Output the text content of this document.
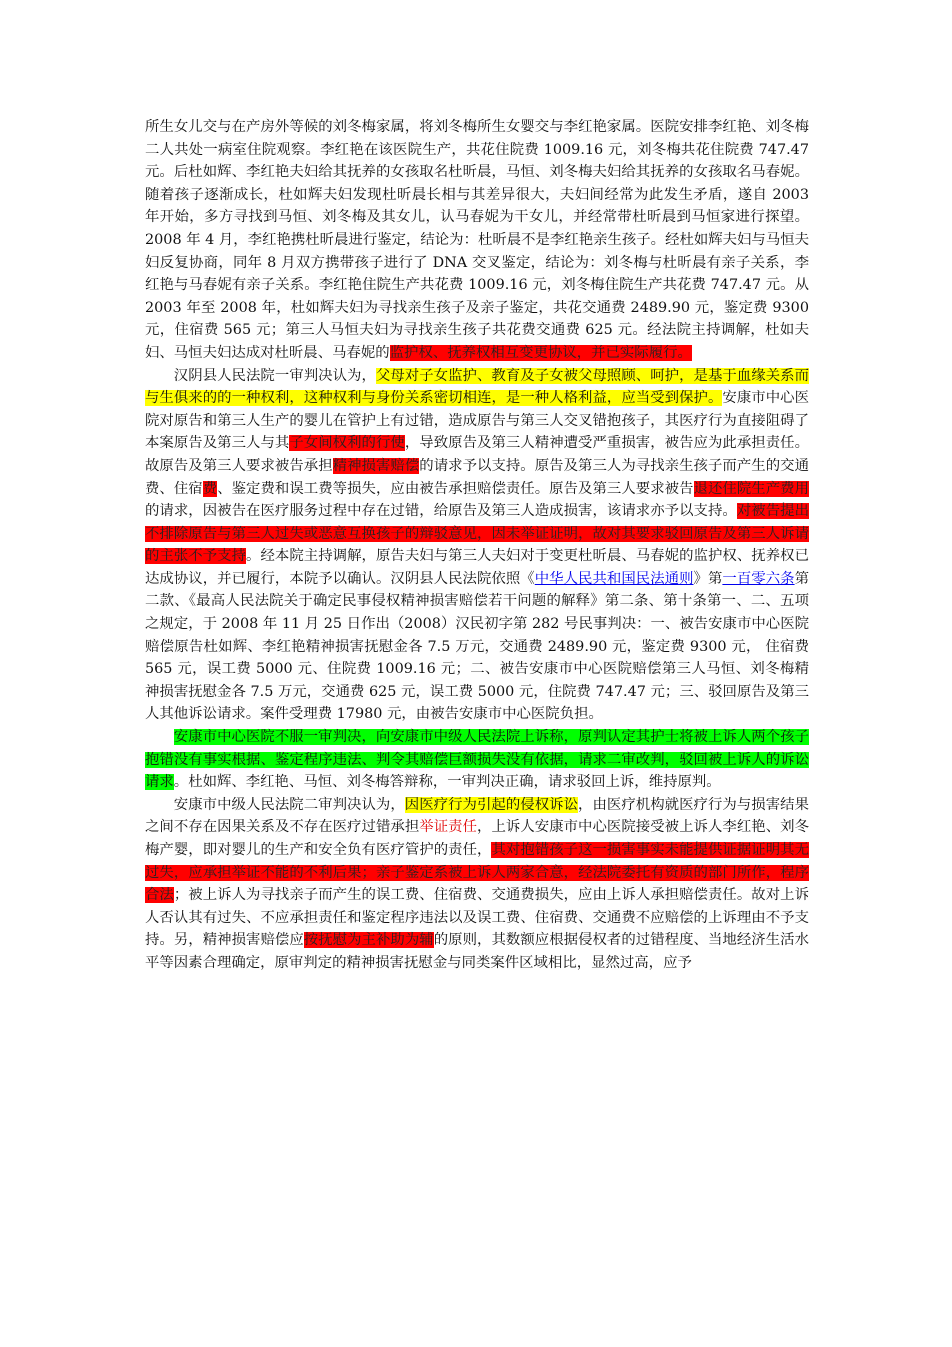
所生女儿交与在产房外等候的刘冬梅家属，将刘冬梅所生女婴交与李红艳家属。医院安排李红艳、刘冬梅二人共处一病室住院观察。李红艳在该医院生产，共花住院费 1009.16 元，刘冬梅共花住院费 747.47 元。后杜如辉、李红艳夫妇给其抚养的女孩取名杜昕晨，马恒、刘冬梅夫妇给其抚养的女孩取名马春妮。随着孩子逐渐成长，杜如辉夫妇发现杜昕晨长相与其差异很大，夫妇间经常为此发生矛盾，遂自 2003 年开始，多方寻找到马恒、刘冬梅及其女儿，认马春妮为干女儿，并经常带杜昕晨到马恒家进行探望。2008 年 4 月，李红艳携杜昕晨进行鉴定，结论为：杜昕晨不是李红艳亲生孩子。经杜如辉夫妇与马恒夫妇反复协商，同年 8 月双方携带孩子进行了 DNA 交叉鉴定，结论为：刘冬梅与杜昕晨有亲子关系，李红艳与马春妮有亲子关系。李红艳住院生产共花费 1009.16 元，刘冬梅住院生产共花费 747.47 元。从 2003 年至 2008 年，杜如辉夫妇为寻找亲生孩子及亲子鉴定，共花交通费 2489.90 元，鉴定费 9300 元，住宿费 565 元；第三人马恒夫妇为寻找亲生孩子共花费交通费 625 元。经法院主持调解，杜如夫妇、马恒夫妇达成对杜昕晨、马春妮的监护权、抚养权相互变更协议，并已实际履行。

汉阴县人民法院一审判决认为，父母对子女监护、教育及子女被父母照顾、呵护，是基于血缘关系而与生俱来的的一种权利，这种权利与身份关系密切相连，是一种人格利益，应当受到保护。安康市中心医院对原告和第三人生产的婴儿在管护上有过错，造成原告与第三人交叉错抱孩子，其医疗行为直接阻碍了本案原告及第三人与其子女间权利的行使，导致原告及第三人精神遭受严重损害，被告应为此承担责任。故原告及第三人要求被告承担精神损害赔偿的请求予以支持。原告及第三人为寻找亲生孩子而产生的交通费、住宿费、鉴定费和误工费等损失，应由被告承担赔偿责任。原告及第三人要求被告退还住院生产费用的请求，因被告在医疗服务过程中存在过错，给原告及第三人造成损害，该请求亦予以支持。对被告提出不排除原告与第三人过失或恶意互换孩子的辩驳意见，因未举证证明，故对其要求驳回原告及第三人诉请的主张不予支持。经本院主持调解，原告夫妇与第三人夫妇对于变更杜昕晨、马春妮的监护权、抚养权已达成协议，并已履行，本院予以确认。汉阴县人民法院依照《中华人民共和国民法通则》第一百零六条第二款、《最高人民法院关于确定民事侵权精神损害赔偿若干问题的解释》第二条、第十条第一、二、五项之规定，于 2008 年 11 月 25 日作出（2008）汉民初字第 282 号民事判决：一、被告安康市中心医院赔偿原告杜如辉、李红艳精神损害抚慰金各 7.5 万元，交通费 2489.90 元，鉴定费 9300 元， 住宿费 565 元，误工费 5000 元、住院费 1009.16 元；二、被告安康市中心医院赔偿第三人马恒、刘冬梅精神损害抚慰金各 7.5 万元，交通费 625 元，误工费 5000 元，住院费 747.47 元；三、驳回原告及第三人其他诉讼请求。案件受理费 17980 元，由被告安康市中心医院负担。

安康市中心医院不服一审判决，向安康市中级人民法院上诉称，原判认定其护士将被上诉人两个孩子抱错没有事实根据、鉴定程序违法、判令其赔偿巨额损失没有依据，请求二审改判，驳回被上诉人的诉讼请求。杜如辉、李红艳、马恒、刘冬梅答辩称，一审判决正确，请求驳回上诉，维持原判。

安康市中级人民法院二审判决认为，因医疗行为引起的侵权诉讼，由医疗机构就医疗行为与损害结果之间不存在因果关系及不存在医疗过错承担举证责任，上诉人安康市中心医院接受被上诉人李红艳、刘冬梅产婴，即对婴儿的生产和安全负有医疗管护的责任，其对抱错孩子这一损害事实未能提供证据证明其无过失，应承担举证不能的不利后果；亲子鉴定系被上诉人两家合意，经法院委托有资质的部门所作，程序合法；被上诉人为寻找亲子而产生的误工费、住宿费、交通费损失，应由上诉人承担赔偿责任。故对上诉人否认其有过失、不应承担责任和鉴定程序违法以及误工费、住宿费、交通费不应赔偿的上诉理由不予支持。另，精神损害赔偿应按抚慰为主补助为辅的原则，其数额应根据侵权者的过错程度、当地经济生活水平等因素合理确定，原审判定的精神损害抚慰金与同类案件区域相比，显然过高，应予
